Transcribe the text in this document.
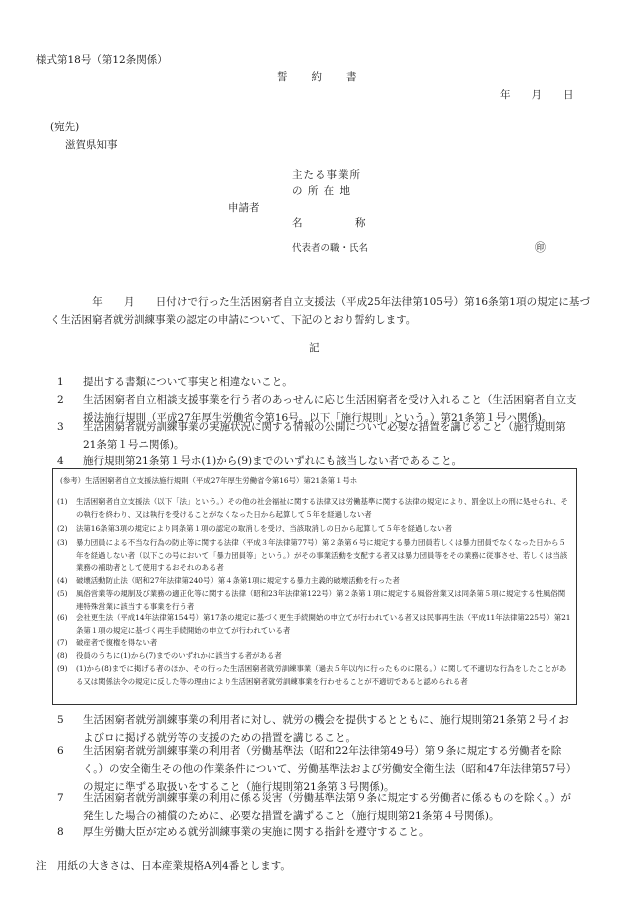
様式第18号（第12条関係）
誓　　約　　書
年　　月　　日
(宛先)
滋賀県知事
申請者
主たる事業所
の 所 在 地
名　　　　　称
代表者の職・氏名	㊞
　　　　年　　月　　日付けで行った生活困窮者自立支援法（平成25年法律第105号）第16条第1項の規定に基づく生活困窮者就労訓練事業の認定の申請について、下記のとおり誓約します。
記
1 提出する書類について事実と相違ないこと。
2 生活困窮者自立相談支援事業を行う者のあっせんに応じ生活困窮者を受け入れること（生活困窮者自立支援法施行規則（平成27年厚生労働省令第16号。以下「施行規則」という。）第21条第１号ハ関係)。
3 生活困窮者就労訓練事業の実施状況に関する情報の公開について必要な措置を講じること（施行規則第21条第１号ニ関係)。
4 施行規則第21条第１号ホ(1)から(9)までのいずれにも該当しない者であること。
(参考）生活困窮者自立支援法施行規則（平成27年厚生労働省令第16号）第21条第１号ホ
(1) 生活困窮者自立支援法（以下「法」という。）その他の社会福祉に関する法律又は労働基準に関する法律の規定により、罰金以上の刑に処せられ、その執行を終わり、又は執行を受けることがなくなった日から起算して５年を経過しない者
(2) 法第16条第3項の規定により同条第１項の認定の取消しを受け、当該取消しの日から起算して５年を経過しない者
(3) 暴力団員による不当な行為の防止等に関する法律（平成３年法律第77号）第２条第６号に規定する暴力団員若しくは暴力団員でなくなった日から５年を経過しない者（以下この号において「暴力団員等」という。）がその事業活動を支配する者又は暴力団員等をその業務に従事させ、若しくは当該業務の補助者として使用するおそれのある者
(4) 破壊活動防止法（昭和27年法律第240号）第４条第1項に規定する暴力主義的破壊活動を行った者
(5) 風俗営業等の規制及び業務の適正化等に関する法律（昭和23年法律第122号）第２条第１項に規定する風俗営業又は同条第５項に規定する性風俗関連特殊営業に該当する事業を行う者
(6) 会社更生法（平成14年法律第154号）第17条の規定に基づく更生手続開始の申立てが行われている者又は民事再生法（平成11年法律第225号）第21条第１項の規定に基づく再生手続開始の申立てが行われている者
(7) 破産者で復権を得ない者
(8) 役員のうちに(1)から(7)までのいずれかに該当する者がある者
(9) (1)から(8)までに掲げる者のほか、その行った生活困窮者就労訓練事業（過去５年以内に行ったものに限る。）に関して不適切な行為をしたことがある又は関係法令の規定に反した等の理由により生活困窮者就労訓練事業を行わせることが不適切であると認められる者
5 生活困窮者就労訓練事業の利用者に対し、就労の機会を提供するとともに、施行規則第21条第２号イおよびロに掲げる就労等の支援のための措置を講じること。
6 生活困窮者就労訓練事業の利用者（労働基準法（昭和22年法律第49号）第９条に規定する労働者を除く。）の安全衛生その他の作業条件について、労働基準法および労働安全衛生法（昭和47年法律第57号）の規定に準ずる取扱いをすること（施行規則第21条第３号関係)。
7 生活困窮者就労訓練事業の利用に係る災害（労働基準法第９条に規定する労働者に係るものを除く。）が発生した場合の補償のために、必要な措置を講ずること（施行規則第21条第４号関係)。
8 厚生労働大臣が定める就労訓練事業の実施に関する指針を遵守すること。
注　用紙の大きさは、日本産業規格A列4番とします。
